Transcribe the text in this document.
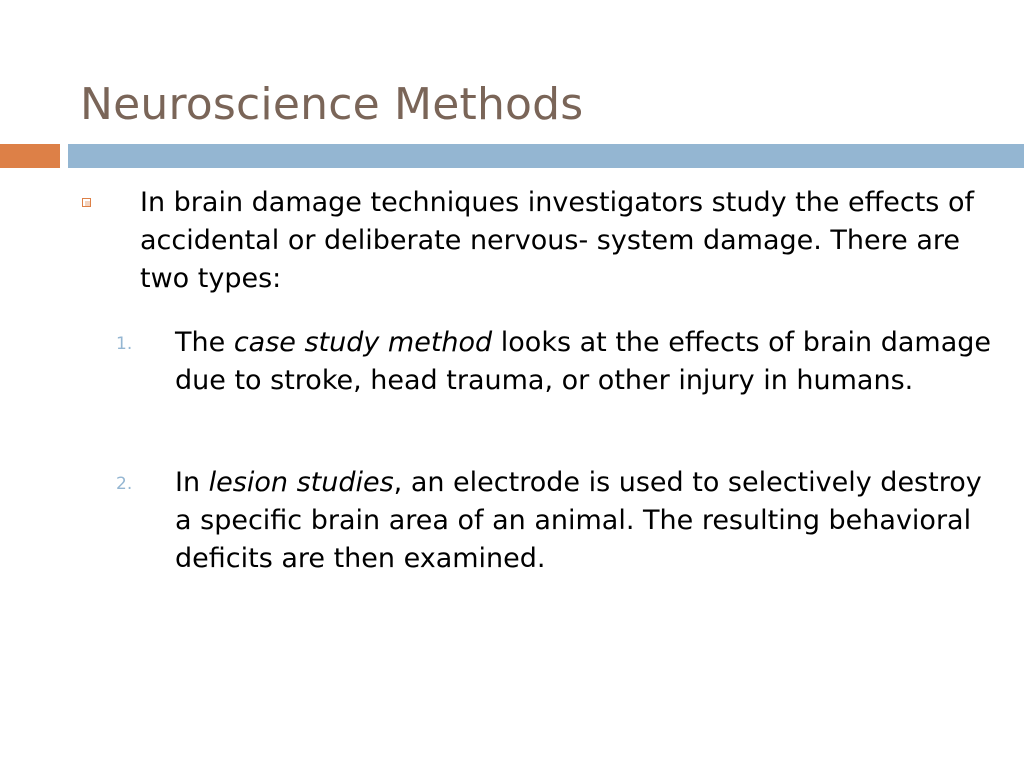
Neuroscience Methods

In brain damage techniques investigators study the effects of accidental or deliberate nervous- system damage. There are two types:

1. The case study method looks at the effects of brain damage due to stroke, head trauma, or other injury in humans.

2. In lesion studies, an electrode is used to selectively destroy a specific brain area of an animal. The resulting behavioral deficits are then examined.
